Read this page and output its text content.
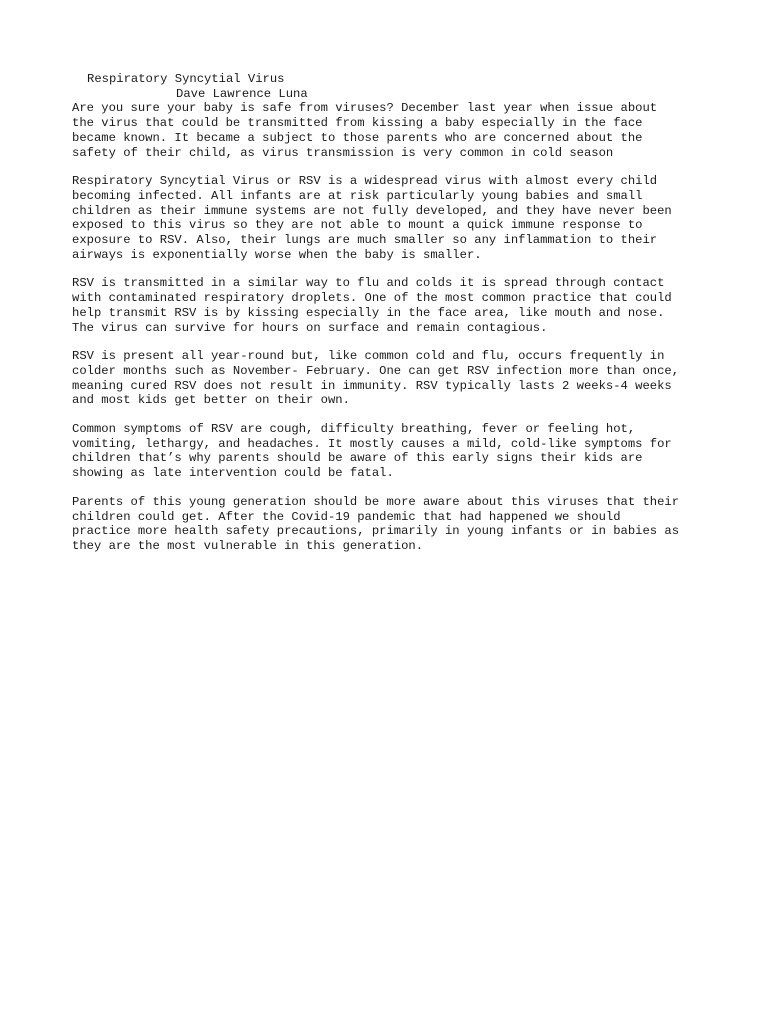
Respiratory Syncytial Virus
Dave Lawrence Luna

Are you sure your baby is safe from viruses? December last year when issue about
the virus that could be transmitted from kissing a baby especially in the face
became known. It became a subject to those parents who are concerned about the
safety of their child, as virus transmission is very common in cold season

Respiratory Syncytial Virus or RSV is a widespread virus with almost every child
becoming infected. All infants are at risk particularly young babies and small
children as their immune systems are not fully developed, and they have never been
exposed to this virus so they are not able to mount a quick immune response to
exposure to RSV. Also, their lungs are much smaller so any inflammation to their
airways is exponentially worse when the baby is smaller.

RSV is transmitted in a similar way to flu and colds it is spread through contact
with contaminated respiratory droplets. One of the most common practice that could
help transmit RSV is by kissing especially in the face area, like mouth and nose.
The virus can survive for hours on surface and remain contagious.

RSV is present all year-round but, like common cold and flu, occurs frequently in
colder months such as November- February. One can get RSV infection more than once,
meaning cured RSV does not result in immunity. RSV typically lasts 2 weeks-4 weeks
and most kids get better on their own.

Common symptoms of RSV are cough, difficulty breathing, fever or feeling hot,
vomiting, lethargy, and headaches. It mostly causes a mild, cold-like symptoms for
children that’s why parents should be aware of this early signs their kids are
showing as late intervention could be fatal.

Parents of this young generation should be more aware about this viruses that their
children could get. After the Covid-19 pandemic that had happened we should
practice more health safety precautions, primarily in young infants or in babies as
they are the most vulnerable in this generation.
